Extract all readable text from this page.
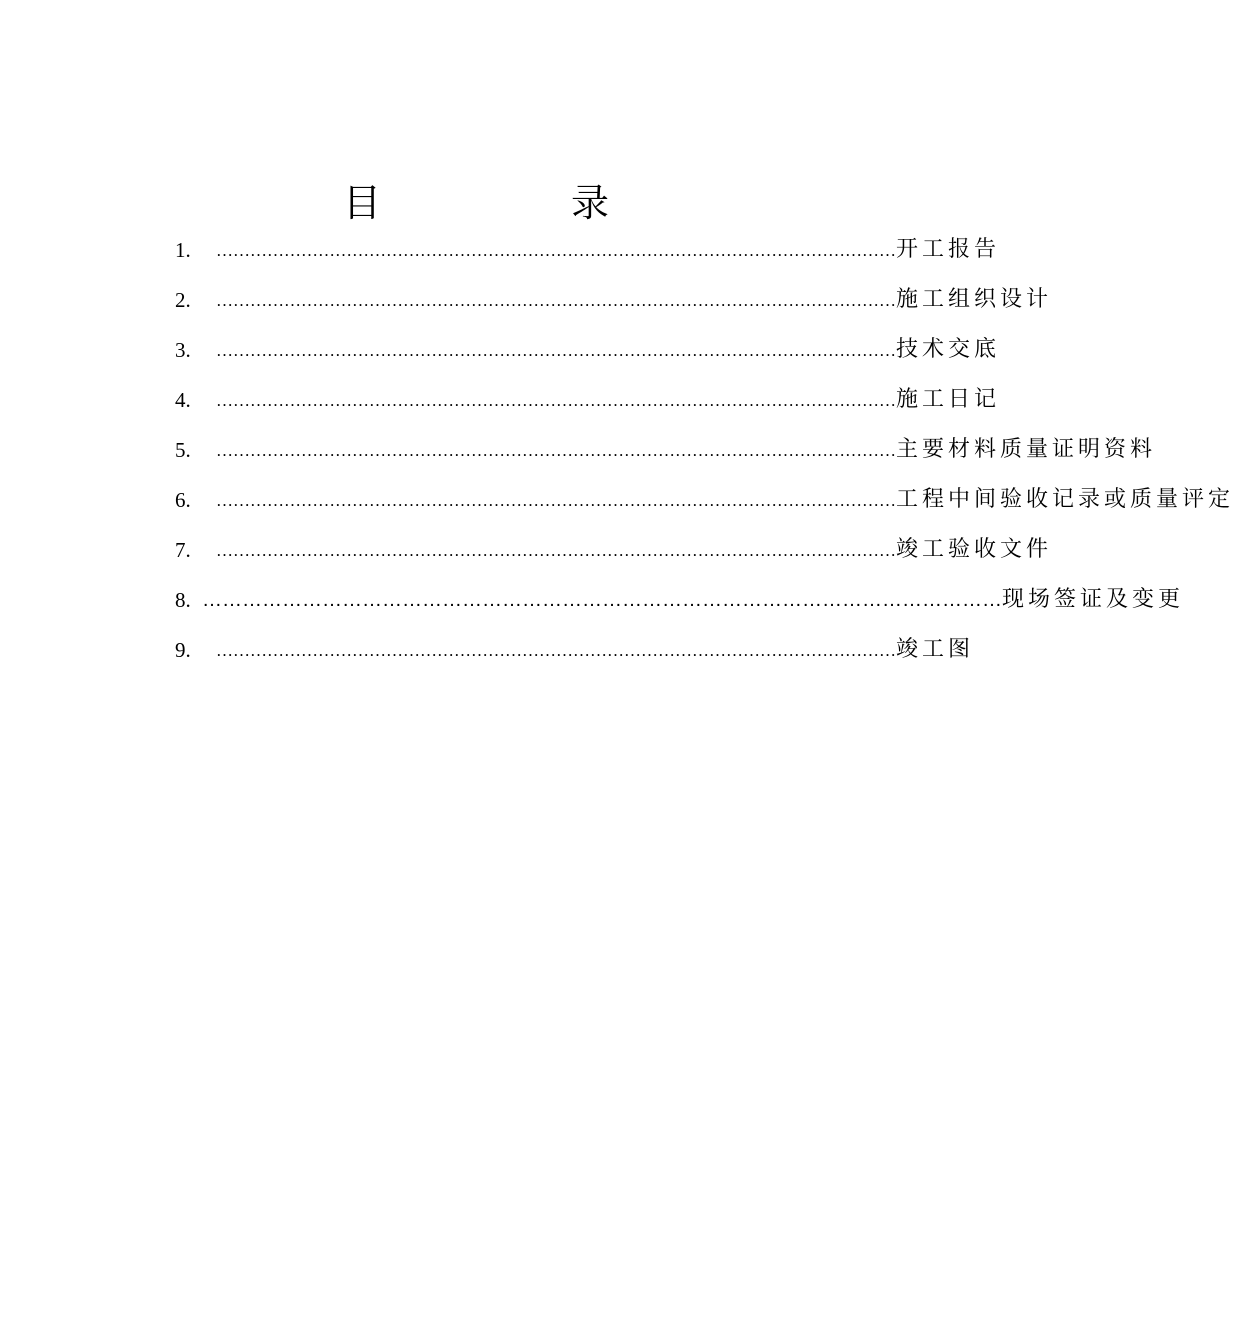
目	录
1. ………………………………………………………………………………………………………… 开工报告
2. ………………………………………………………………………………………………………… 施工组织设计
3. ………………………………………………………………………………………………………… 技术交底
4. ………………………………………………………………………………………………………… 施工日记
5. ………………………………………………………………………………………………………… 主要材料质量证明资料
6. ………………………………………………………………………………………………………… 工程中间验收记录或质量评定
7. ………………………………………………………………………………………………………… 竣工验收文件
8. ………………………………………………………………………………………………………… 现场签证及变更
9. ………………………………………………………………………………………………………… 竣工图
